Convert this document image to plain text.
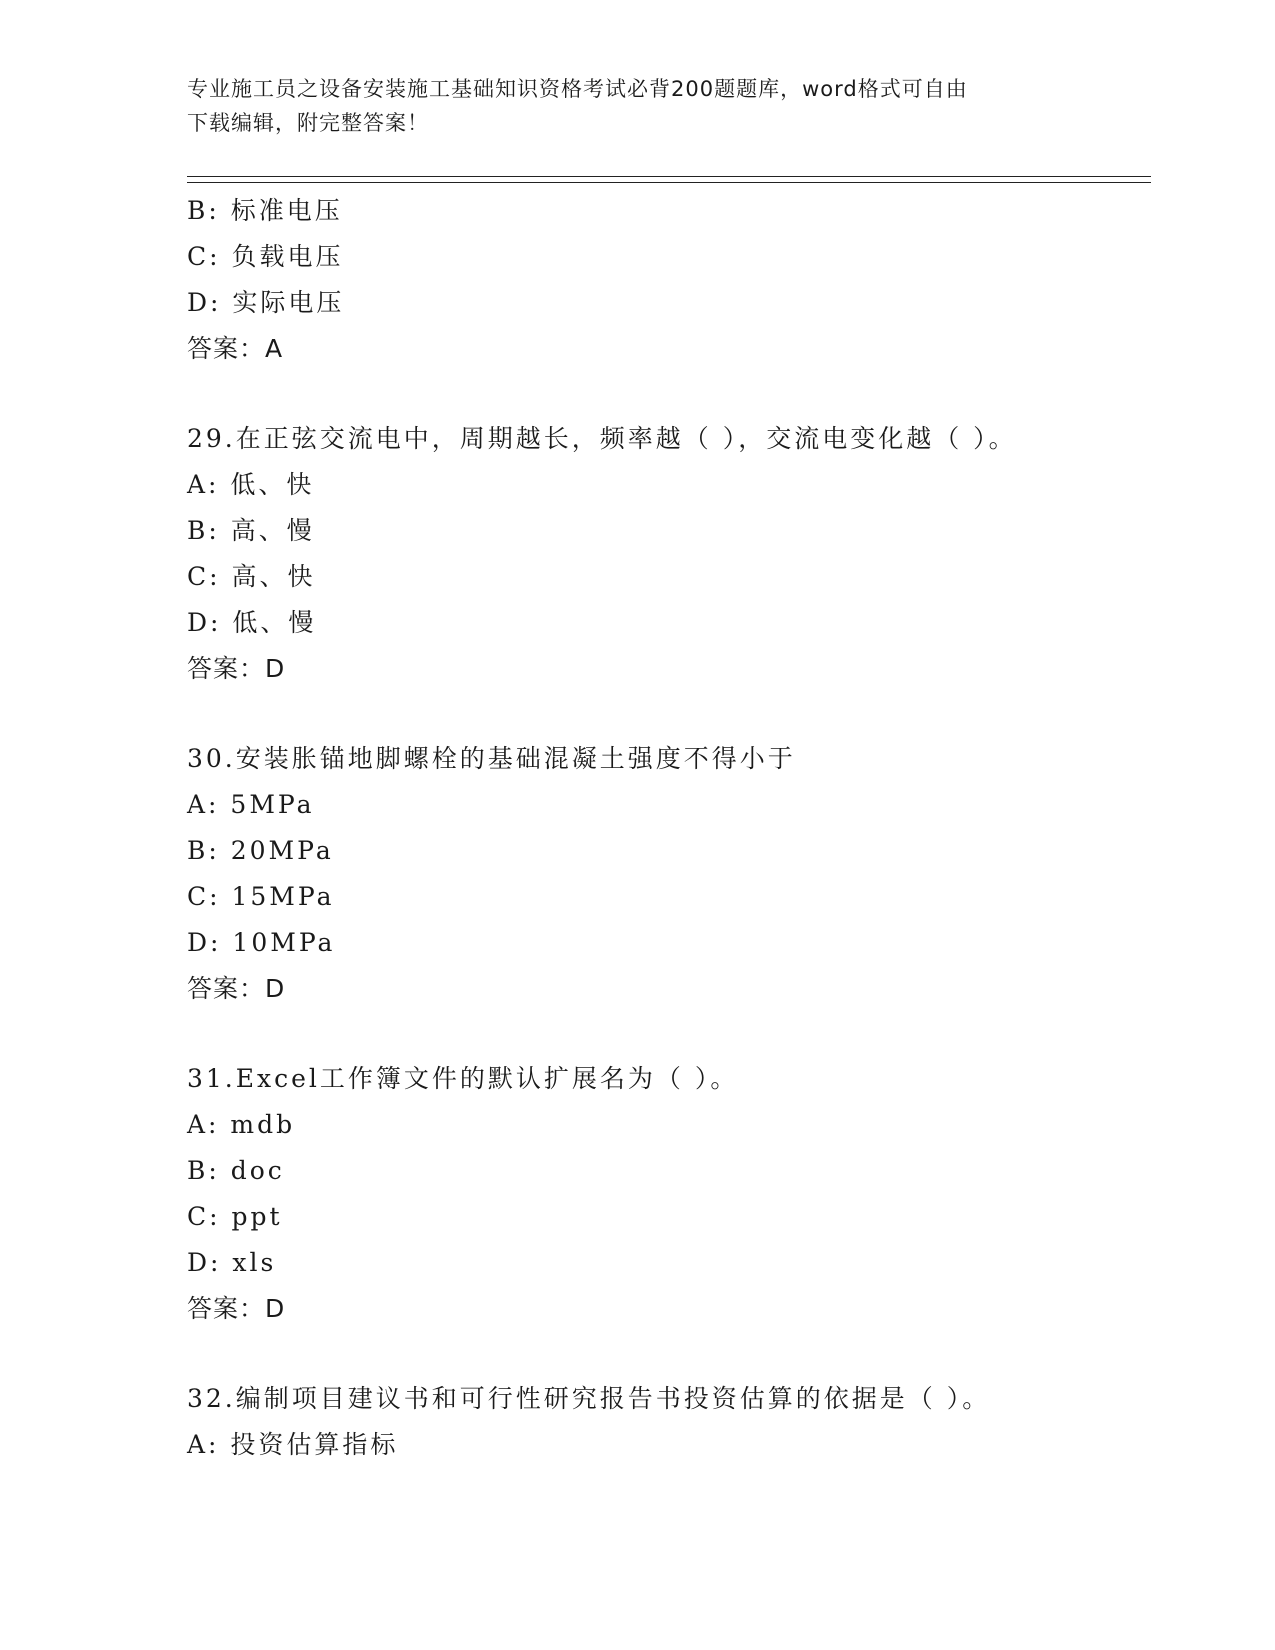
专业施工员之设备安装施工基础知识资格考试必背200题题库，word格式可自由
下载编辑，附完整答案！
B: 标准电压
C: 负载电压
D: 实际电压
答案：A
29.在正弦交流电中，周期越长，频率越（ ），交流电变化越（ ）。
A: 低、快
B: 高、慢
C: 高、快
D: 低、慢
答案：D
30.安装胀锚地脚螺栓的基础混凝土强度不得小于
A: 5MPa
B: 20MPa
C: 15MPa
D: 10MPa
答案：D
31.Excel工作簿文件的默认扩展名为（ ）。
A: mdb
B: doc
C: ppt
D: xls
答案：D
32.编制项目建议书和可行性研究报告书投资估算的依据是（ ）。
A: 投资估算指标
